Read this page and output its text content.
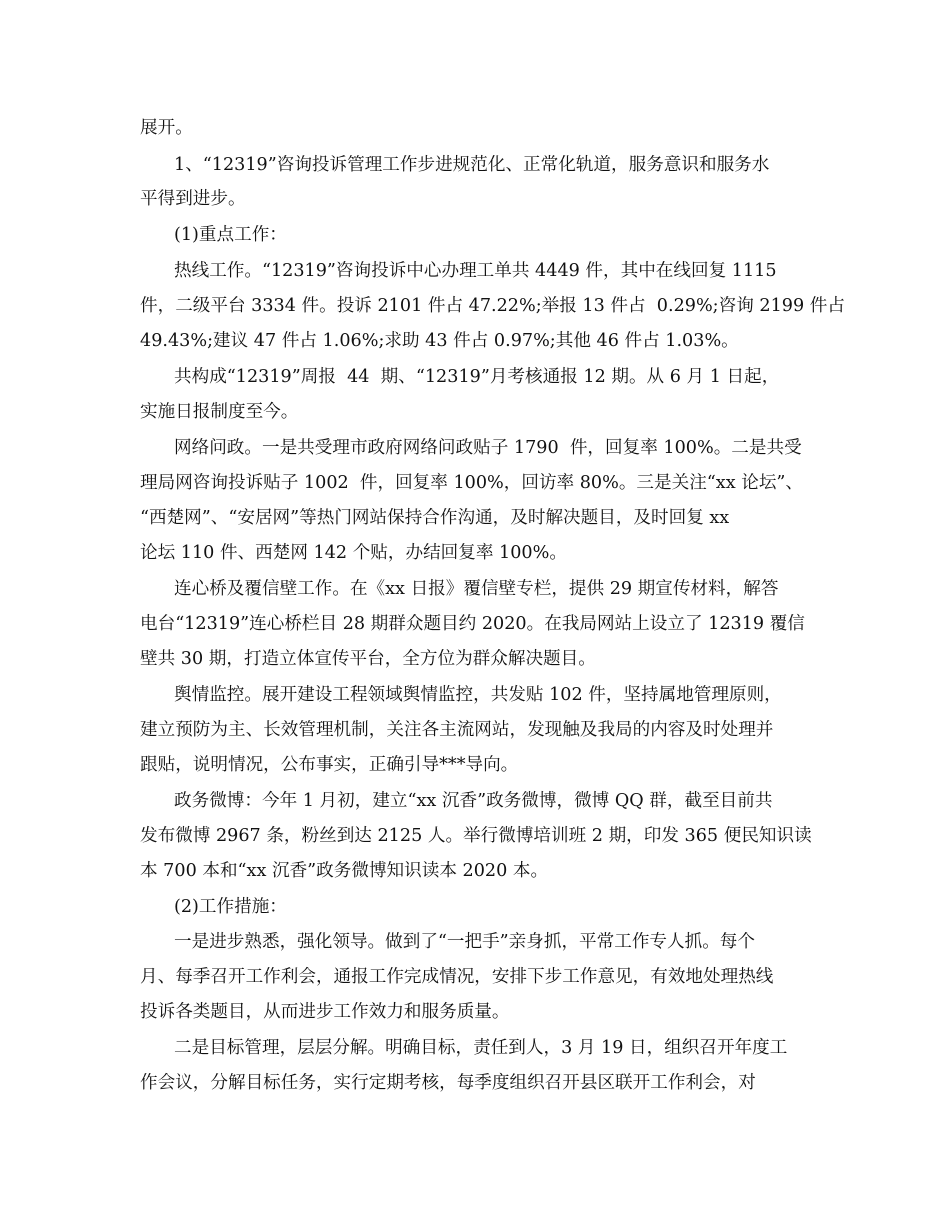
展开。

1、“12319”咨询投诉管理工作步进规范化、正常化轨道，服务意识和服务水

平得到进步。

(1)重点工作：

热线工作。“12319”咨询投诉中心办理工单共 4449 件，其中在线回复 1115

件，二级平台 3334 件。投诉 2101 件占 47.22%;举报 13 件占  0.29%;咨询 2199 件占

49.43%;建议 47 件占 1.06%;求助 43 件占 0.97%;其他 46 件占 1.03%。

共构成“12319”周报  44  期、“12319”月考核通报 12 期。从 6 月 1 日起，

实施日报制度至今。

网络问政。一是共受理市政府网络问政贴子 1790  件，回复率 100%。二是共受

理局网咨询投诉贴子 1002  件，回复率 100%，回访率 80%。三是关注“xx 论坛”、

“西楚网”、“安居网”等热门网站保持合作沟通，及时解决题目，及时回复 xx

论坛 110 件、西楚网 142 个贴，办结回复率 100%。

连心桥及覆信壁工作。在《xx 日报》覆信壁专栏，提供 29 期宣传材料，解答

电台“12319”连心桥栏目 28 期群众题目约 2020。在我局网站上设立了 12319 覆信

壁共 30 期，打造立体宣传平台，全方位为群众解决题目。

舆情监控。展开建设工程领域舆情监控，共发贴 102 件，坚持属地管理原则，

建立预防为主、长效管理机制，关注各主流网站，发现触及我局的内容及时处理并

跟贴，说明情况，公布事实，正确引导***导向。

政务微博：今年 1 月初，建立“xx 沉香”政务微博，微博 QQ 群，截至目前共

发布微博 2967 条，粉丝到达 2125 人。举行微博培训班 2 期，印发 365 便民知识读

本 700 本和“xx 沉香”政务微博知识读本 2020 本。

(2)工作措施：

一是进步熟悉，强化领导。做到了“一把手”亲身抓，平常工作专人抓。每个

月、每季召开工作利会，通报工作完成情况，安排下步工作意见，有效地处理热线

投诉各类题目，从而进步工作效力和服务质量。

二是目标管理，层层分解。明确目标，责任到人，3 月 19 日，组织召开年度工

作会议，分解目标任务，实行定期考核，每季度组织召开县区联开工作利会，对
